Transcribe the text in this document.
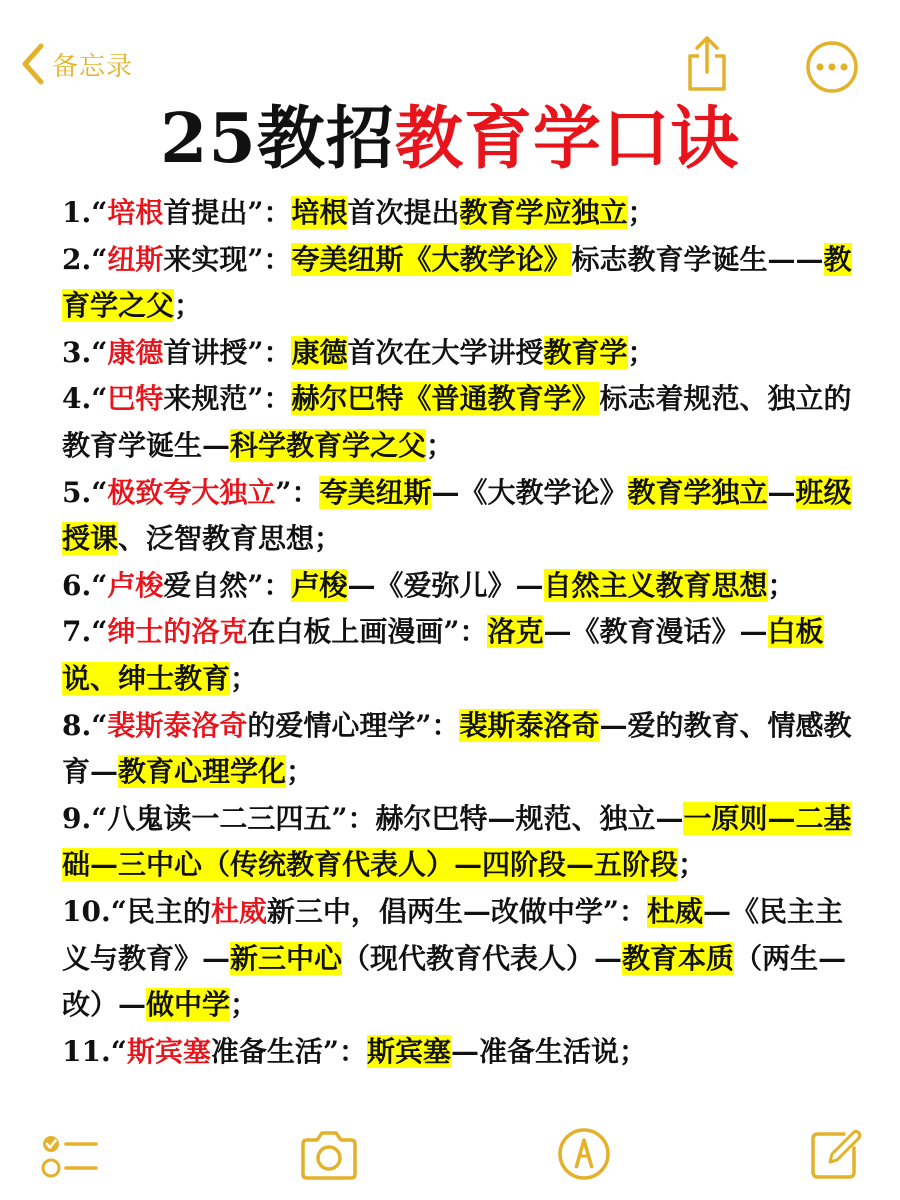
备忘录
25教招教育学口诀

1.“培根首提出”：培根首次提出教育学应独立；

2.“纽斯来实现”：夸美纽斯《大教学论》标志教育学诞生——教育学之父；

3.“康德首讲授”：康德首次在大学讲授教育学；

4.“巴特来规范”：赫尔巴特《普通教育学》标志着规范、独立的教育学诞生—科学教育学之父；

5.“极致夸大独立”：夸美纽斯—《大教学论》教育学独立—班级授课、泛智教育思想；

6.“卢梭爱自然”：卢梭—《爱弥儿》—自然主义教育思想；

7.“绅士的洛克在白板上画漫画”：洛克—《教育漫话》—白板说、绅士教育；

8.“裴斯泰洛奇的爱情心理学”：裴斯泰洛奇—爱的教育、情感教育—教育心理学化；

9.“八鬼读一二三四五”：赫尔巴特—规范、独立—一原则—二基础—三中心（传统教育代表人）—四阶段—五阶段；

10.“民主的杜威新三中，倡两生—改做中学”：杜威—《民主主义与教育》—新三中心（现代教育代表人）—教育本质（两生—改）—做中学；

11.“斯宾塞准备生活”：斯宾塞—准备生活说；
